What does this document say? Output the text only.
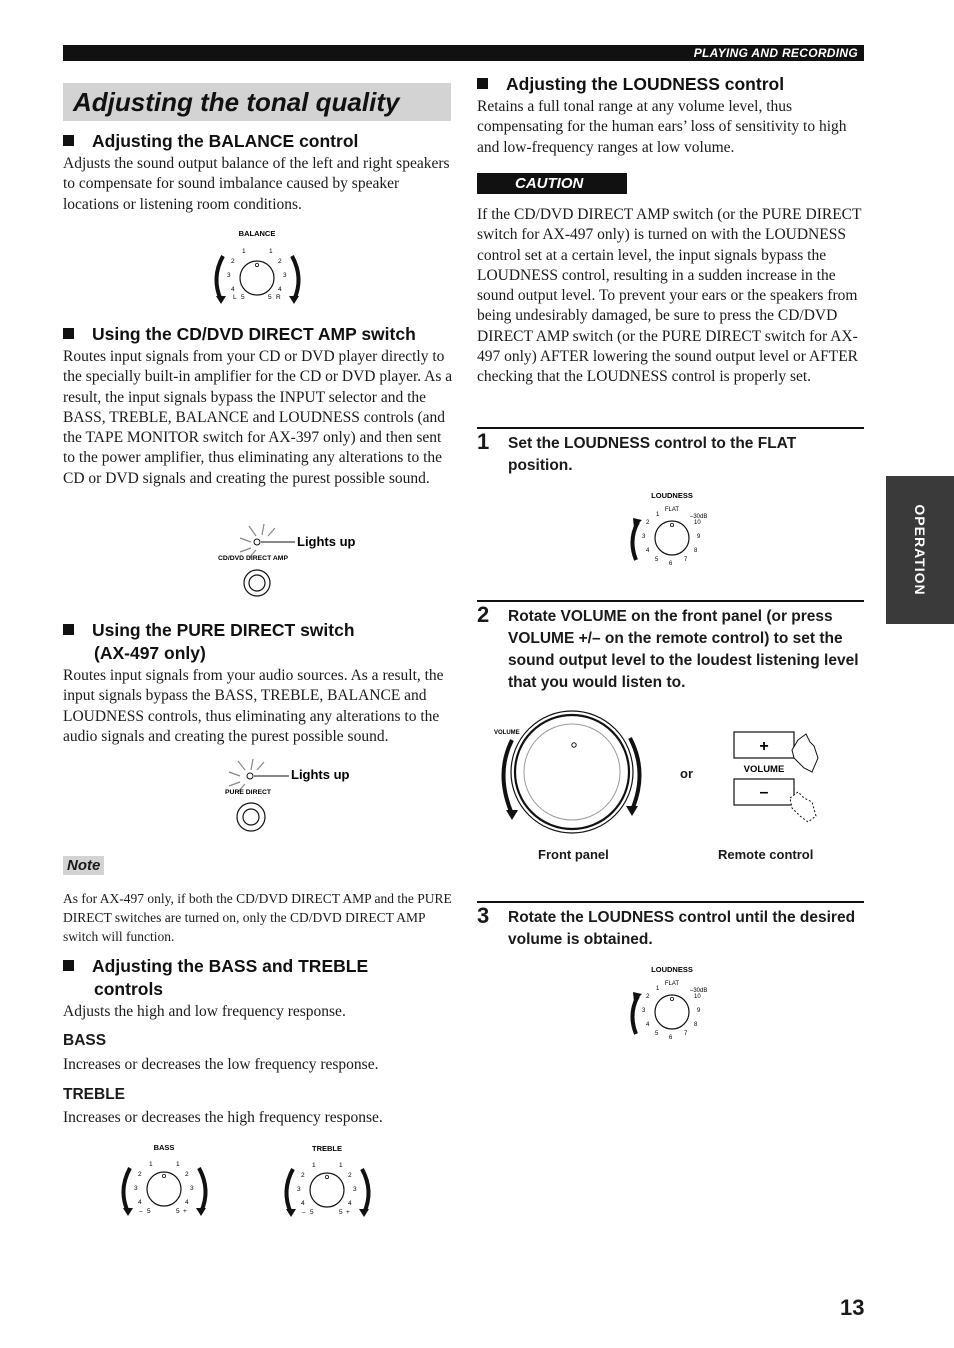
PLAYING AND RECORDING
Adjusting the tonal quality
OPERATION
Adjusting the BALANCE control
Adjusts the sound output balance of the left and right speakers to compensate for sound imbalance caused by speaker locations or listening room conditions.
BALANCE
1	1
2	2
3	3
4	4
5	5
L	R
Using the CD/DVD DIRECT AMP switch
Routes input signals from your CD or DVD player directly to the specially built-in amplifier for the CD or DVD player. As a result, the input signals bypass the INPUT selector and the BASS, TREBLE, BALANCE and LOUDNESS controls (and the TAPE MONITOR switch for AX-397 only) and then sent to the power amplifier, thus eliminating any alterations to the CD or DVD signals and creating the purest possible sound.
Lights up
CD/DVD DIRECT AMP
Using the PURE DIRECT switch
(AX-497 only)
Routes input signals from your audio sources. As a result, the input signals bypass the BASS, TREBLE, BALANCE and LOUDNESS controls, thus eliminating any alterations to the audio signals and creating the purest possible sound.
Lights up
PURE DIRECT
Note
As for AX-497 only, if both the CD/DVD DIRECT AMP and the PURE DIRECT switches are turned on, only the CD/DVD DIRECT AMP switch will function.
Adjusting the BASS and TREBLE
controls
Adjusts the high and low frequency response.
BASS
Increases or decreases the low frequency response.
TREBLE
Increases or decreases the high frequency response.
BASS
1	1
2	2
3	3
4	4
5	5
–	+
TREBLE
1	1
2	2
3	3
4	4
5	5
–	+
Adjusting the LOUDNESS control
Retains a full tonal range at any volume level, thus compensating for the human ears’ loss of sensitivity to high and low-frequency ranges at low volume.
CAUTION
If the CD/DVD DIRECT AMP switch (or the PURE DIRECT switch for AX-497 only) is turned on with the LOUDNESS control set at a certain level, the input signals bypass the LOUDNESS control, resulting in a sudden increase in the sound output level. To prevent your ears or the speakers from being undesirably damaged, be sure to press the CD/DVD DIRECT AMP switch (or the PURE DIRECT switch for AX-497 only) AFTER lowering the sound output level or AFTER checking that the LOUDNESS control is properly set.
1 Set the LOUDNESS control to the FLAT position.
LOUDNESS
FLAT
–30dB
1
2
3
4
5
6
7
8
9
10
2 Rotate VOLUME on the front panel (or press VOLUME +/– on the remote control) to set the sound output level to the loudest listening level that you would listen to.
VOLUME
or
+
VOLUME
–
Front panel	Remote control
3 Rotate the LOUDNESS control until the desired volume is obtained.
LOUDNESS
FLAT
–30dB
1
2
3
4
5
6
7
8
9
10
13
